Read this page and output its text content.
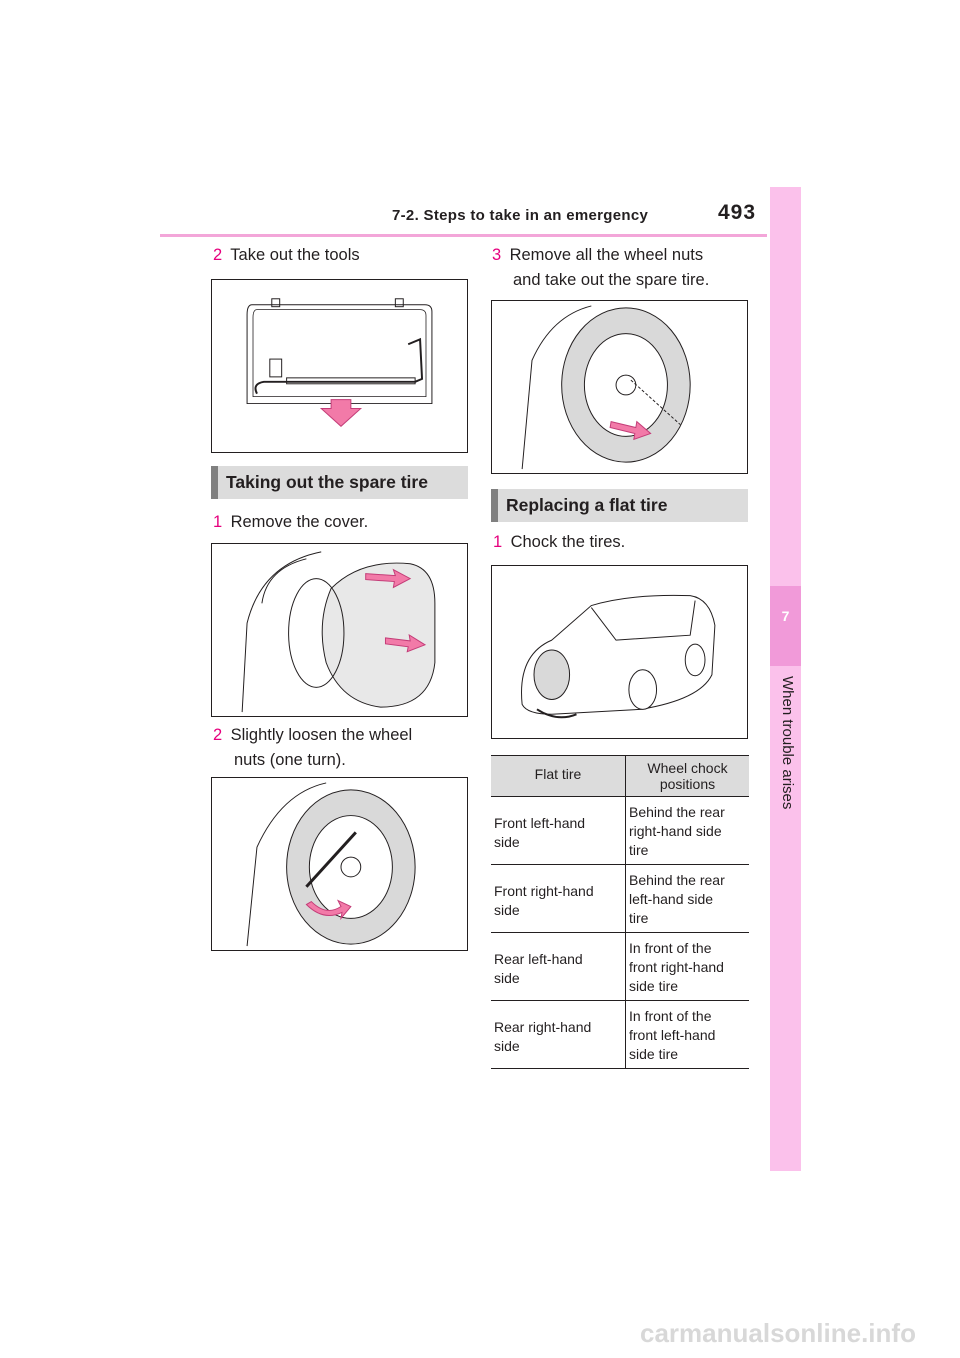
7-2. Steps to take in an emergency	493
7
When trouble arises
2 Take out the tools
Taking out the spare tire
1 Remove the cover.
2 Slightly loosen the wheel
nuts (one turn).
3 Remove all the wheel nuts
and take out the spare tire.
Replacing a flat tire
1 Chock the tires.
Flat tire	Wheel chock
positions
Front left-hand
side	Behind the rear
right-hand side
tire
Front right-hand
side	Behind the rear
left-hand side
tire
Rear left-hand
side	In front of the
front right-hand
side tire
Rear right-hand
side	In front of the
front left-hand
side tire
carmanualsonline.info
